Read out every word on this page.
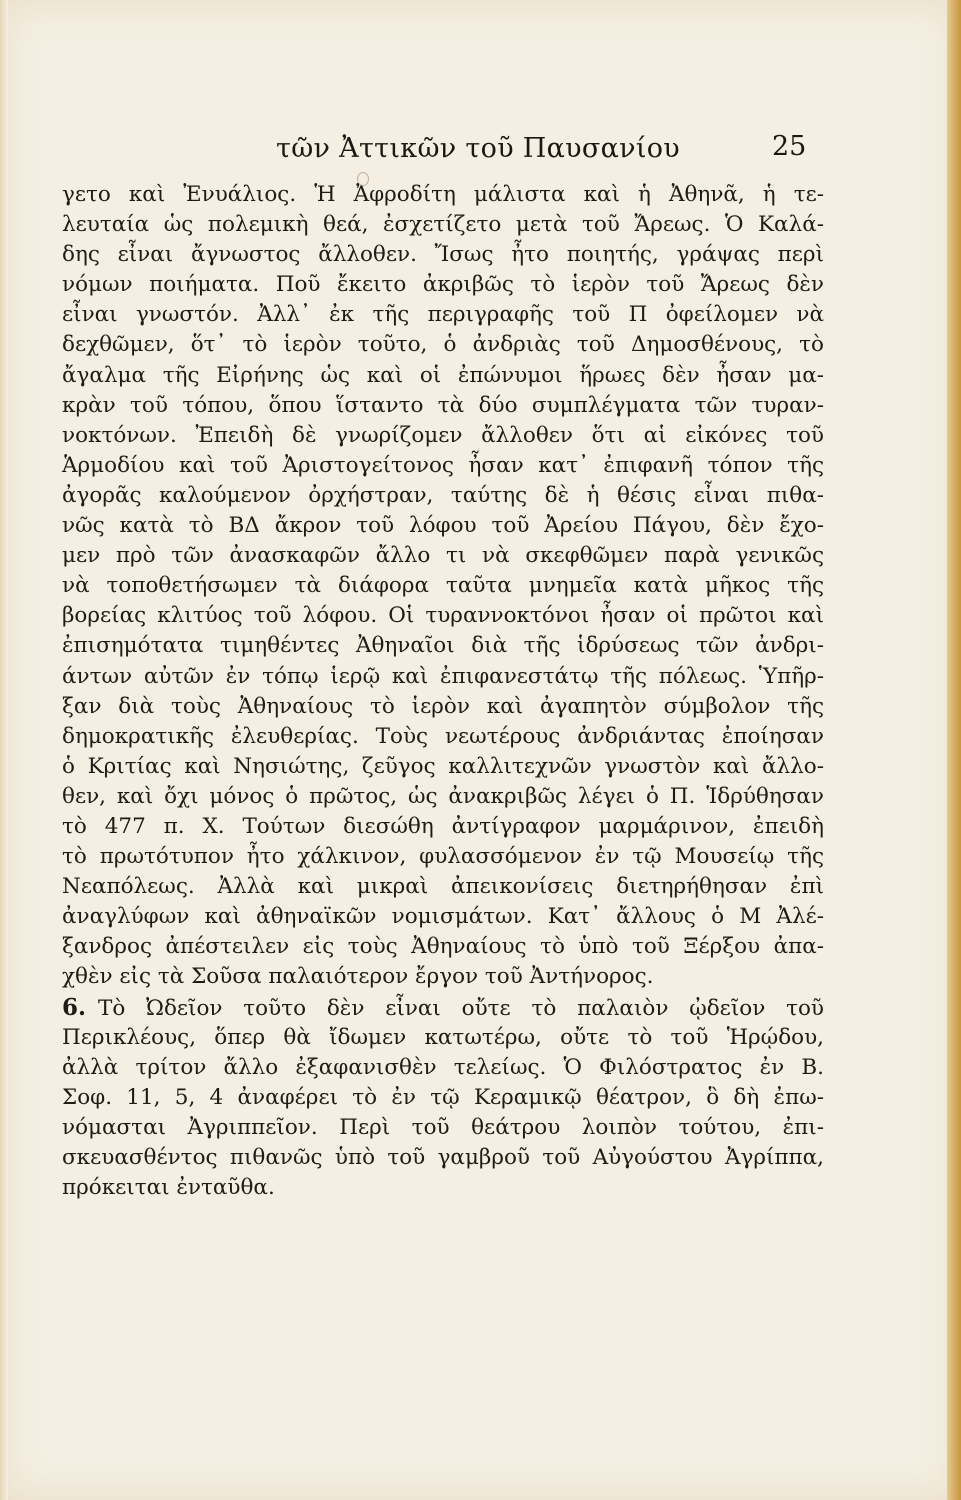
τῶν Ἀττικῶν τοῦ Παυσανίου	25
γετο καὶ Ἐνυάλιος. Ἡ Ἀφροδίτη μάλιστα καὶ ἡ Ἀθηνᾶ, ἡ τε-
λευταία ὡς πολεμικὴ θεά, ἐσχετίζετο μετὰ τοῦ Ἄρεως. Ὁ Καλά-
δης εἶναι ἄγνωστος ἄλλοθεν. Ἴσως ἦτο ποιητής, γράψας περὶ
νόμων ποιήματα. Ποῦ ἔκειτο ἀκριβῶς τὸ ἱερὸν τοῦ Ἄρεως δὲν
εἶναι γνωστόν. Ἀλλ᾽ ἐκ τῆς περιγραφῆς τοῦ Π ὀφείλομεν νὰ
δεχθῶμεν, ὅτ᾽ τὸ ἱερὸν τοῦτο, ὁ ἀνδριὰς τοῦ Δημοσθένους, τὸ
ἄγαλμα τῆς Εἰρήνης ὡς καὶ οἱ ἐπώνυμοι ἥρωες δὲν ἦσαν μα-
κρὰν τοῦ τόπου, ὅπου ἵσταντο τὰ δύο συμπλέγματα τῶν τυραν-
νοκτόνων. Ἐπειδὴ δὲ γνωρίζομεν ἄλλοθεν ὅτι αἱ εἰκόνες τοῦ
Ἁρμοδίου καὶ τοῦ Ἀριστογείτονος ἦσαν κατ᾽ ἐπιφανῆ τόπον τῆς
ἀγορᾶς καλούμενον ὀρχήστραν, ταύτης δὲ ἡ θέσις εἶναι πιθα-
νῶς κατὰ τὸ ΒΔ ἄκρον τοῦ λόφου τοῦ Ἀρείου Πάγου, δὲν ἔχο-
μεν πρὸ τῶν ἀνασκαφῶν ἄλλο τι νὰ σκεφθῶμεν παρὰ γενικῶς
νὰ τοποθετήσωμεν τὰ διάφορα ταῦτα μνημεῖα κατὰ μῆκος τῆς
βορείας κλιτύος τοῦ λόφου. Οἱ τυραννοκτόνοι ἦσαν οἱ πρῶτοι καὶ
ἐπισημότατα τιμηθέντες Ἀθηναῖοι διὰ τῆς ἱδρύσεως τῶν ἀνδρι-
άντων αὐτῶν ἐν τόπῳ ἱερῷ καὶ ἐπιφανεστάτῳ τῆς πόλεως. Ὑπῆρ-
ξαν διὰ τοὺς Ἀθηναίους τὸ ἱερὸν καὶ ἀγαπητὸν σύμβολον τῆς
δημοκρατικῆς ἐλευθερίας. Τοὺς νεωτέρους ἀνδριάντας ἐποίησαν
ὁ Κριτίας καὶ Νησιώτης, ζεῦγος καλλιτεχνῶν γνωστὸν καὶ ἄλλο-
θεν, καὶ ὄχι μόνος ὁ πρῶτος, ὡς ἀνακριβῶς λέγει ὁ Π. Ἱδρύθησαν
τὸ 477 π. Χ. Τούτων διεσώθη ἀντίγραφον μαρμάρινον, ἐπειδὴ
τὸ πρωτότυπον ἦτο χάλκινον, φυλασσόμενον ἐν τῷ Μουσείῳ τῆς
Νεαπόλεως. Ἀλλὰ καὶ μικραὶ ἀπεικονίσεις διετηρήθησαν ἐπὶ
ἀναγλύφων καὶ ἀθηναϊκῶν νομισμάτων. Κατ᾽ ἄλλους ὁ Μ Ἀλέ-
ξανδρος ἀπέστειλεν εἰς τοὺς Ἀθηναίους τὸ ὑπὸ τοῦ Ξέρξου ἀπα-
χθὲν εἰς τὰ Σοῦσα παλαιότερον ἔργον τοῦ Ἀντήνορος.
6. Τὸ Ὠδεῖον τοῦτο δὲν εἶναι οὔτε τὸ παλαιὸν ᾠδεῖον τοῦ
Περικλέους, ὅπερ θὰ ἴδωμεν κατωτέρω, οὔτε τὸ τοῦ Ἡρῴδου,
ἀλλὰ τρίτον ἄλλο ἐξαφανισθὲν τελείως. Ὁ Φιλόστρατος ἐν Β.
Σοφ. 11, 5, 4 ἀναφέρει τὸ ἐν τῷ Κεραμικῷ θέατρον, ὃ δὴ ἐπω-
νόμασται Ἀγριππεῖον. Περὶ τοῦ θεάτρου λοιπὸν τούτου, ἐπι-
σκευασθέντος πιθανῶς ὑπὸ τοῦ γαμβροῦ τοῦ Αὐγούστου Ἀγρίππα,
πρόκειται ἐνταῦθα.
